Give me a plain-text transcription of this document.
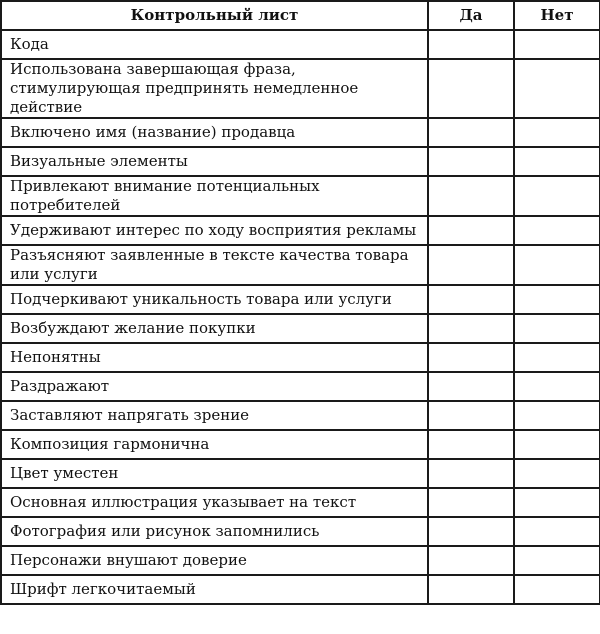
Контрольный лист	Да	Нет
Кода		
Использована завершающая фраза, стимулирующая предпринять немедленное действие		
Включено имя (название) продавца		
Визуальные элементы		
Привлекают внимание потенциальных потребителей		
Удерживают интерес по ходу восприятия рекламы		
Разъясняют заявленные в тексте качества товара или услуги		
Подчеркивают уникальность товара или услуги		
Возбуждают желание покупки		
Непонятны		
Раздражают		
Заставляют напрягать зрение		
Композиция гармонична		
Цвет уместен		
Основная иллюстрация указывает на текст		
Фотография или рисунок запомнились		
Персонажи внушают доверие		
Шрифт легкочитаемый		
